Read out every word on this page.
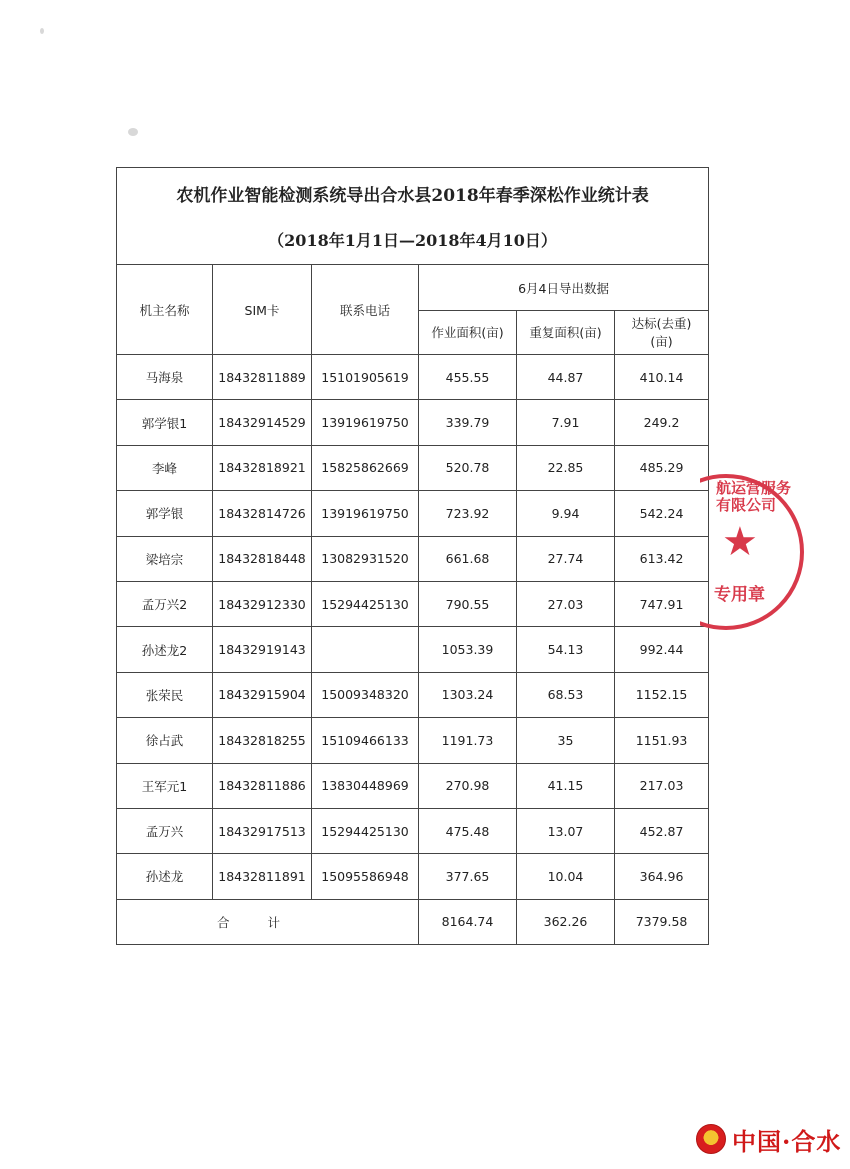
农机作业智能检测系统导出合水县2018年春季深松作业统计表
（2018年1月1日—2018年4月10日）					

机主名称	SIM卡	联系电话	6月4日导出数据		
			作业面积(亩)	重复面积(亩)	达标(去重)(亩)
马海泉	18432811889	15101905619	455.55	44.87	410.14
郭学银1	18432914529	13919619750	339.79	7.91	249.2
李峰	18432818921	15825862669	520.78	22.85	485.29
郭学银	18432814726	13919619750	723.92	9.94	542.24
梁培宗	18432818448	13082931520	661.68	27.74	613.42
孟万兴2	18432912330	15294425130	790.55	27.03	747.91
孙述龙2	18432919143		1053.39	54.13	992.44
张荣民	18432915904	15009348320	1303.24	68.53	1152.15
徐占武	18432818255	15109466133	1191.73	35	1151.93
王军元1	18432811886	13830448969	270.98	41.15	217.03
孟万兴	18432917513	15294425130	475.48	13.07	452.87
孙述龙	18432811891	15095586948	377.65	10.04	364.96
合计			8164.74	362.26	7379.58
航运营服务有限公司
★
专用章
中国·合水
